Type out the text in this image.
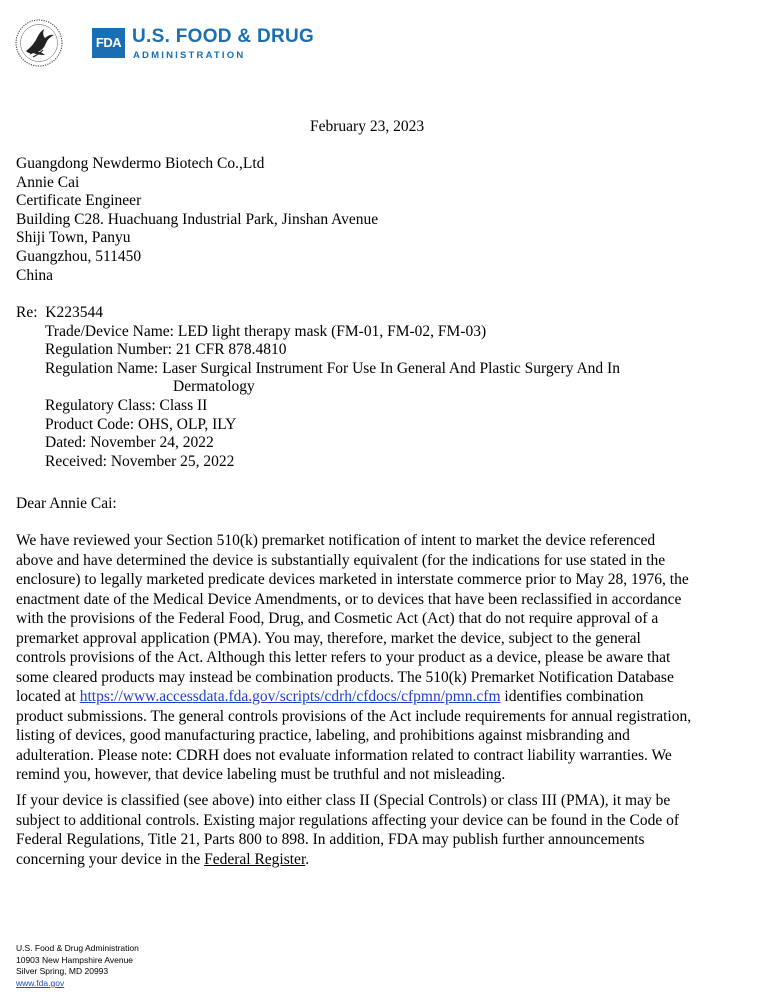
FDA U.S. FOOD & DRUG
ADMINISTRATION
February 23, 2023
Guangdong Newdermo Biotech Co.,Ltd
Annie Cai
Certificate Engineer
Building C28. Huachuang Industrial Park, Jinshan Avenue
Shiji Town, Panyu
Guangzhou, 511450
China
Re: K223544
Trade/Device Name: LED light therapy mask (FM-01, FM-02, FM-03)
Regulation Number: 21 CFR 878.4810
Regulation Name: Laser Surgical Instrument For Use In General And Plastic Surgery And In
Dermatology
Regulatory Class: Class II
Product Code: OHS, OLP, ILY
Dated: November 24, 2022
Received: November 25, 2022
Dear Annie Cai:
We have reviewed your Section 510(k) premarket notification of intent to market the device referenced
above and have determined the device is substantially equivalent (for the indications for use stated in the
enclosure) to legally marketed predicate devices marketed in interstate commerce prior to May 28, 1976, the
enactment date of the Medical Device Amendments, or to devices that have been reclassified in accordance
with the provisions of the Federal Food, Drug, and Cosmetic Act (Act) that do not require approval of a
premarket approval application (PMA). You may, therefore, market the device, subject to the general
controls provisions of the Act. Although this letter refers to your product as a device, please be aware that
some cleared products may instead be combination products. The 510(k) Premarket Notification Database
located at https://www.accessdata.fda.gov/scripts/cdrh/cfdocs/cfpmn/pmn.cfm identifies combination
product submissions. The general controls provisions of the Act include requirements for annual registration,
listing of devices, good manufacturing practice, labeling, and prohibitions against misbranding and
adulteration. Please note: CDRH does not evaluate information related to contract liability warranties. We
remind you, however, that device labeling must be truthful and not misleading.
If your device is classified (see above) into either class II (Special Controls) or class III (PMA), it may be
subject to additional controls. Existing major regulations affecting your device can be found in the Code of
Federal Regulations, Title 21, Parts 800 to 898. In addition, FDA may publish further announcements
concerning your device in the Federal Register.
U.S. Food & Drug Administration
10903 New Hampshire Avenue
Silver Spring, MD 20993
www.fda.gov
